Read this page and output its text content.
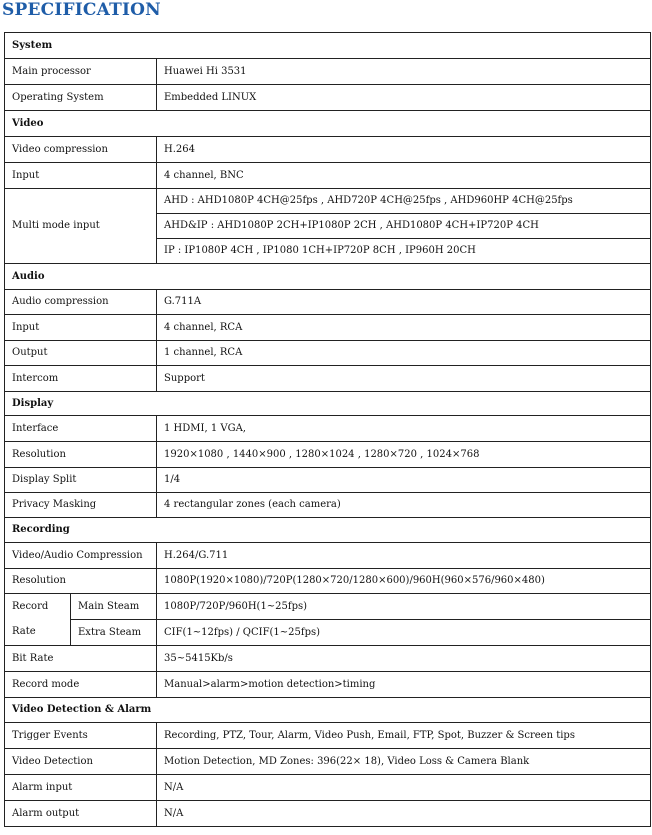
SPECIFICATION
System		
Main processor		Huawei Hi 3531
Operating System		Embedded LINUX
Video		
Video compression		H.264
Input		4 channel, BNC
Multi mode input		AHD : AHD1080P 4CH@25fps , AHD720P 4CH@25fps , AHD960HP 4CH@25fps
		AHD&IP : AHD1080P 2CH+IP1080P 2CH , AHD1080P 4CH+IP720P 4CH
		IP : IP1080P 4CH , IP1080 1CH+IP720P 8CH , IP960H 20CH
Audio		
Audio compression		G.711A
Input		4 channel, RCA
Output		1 channel, RCA
Intercom		Support
Display		
Interface		1 HDMI, 1 VGA,
Resolution		1920×1080 , 1440×900 , 1280×1024 , 1280×720 , 1024×768
Display Split		1/4
Privacy Masking		4 rectangular zones (each camera)
Recording		
Video/Audio Compression		H.264/G.711
Resolution		1080P(1920×1080)/720P(1280×720/1280×600)/960H(960×576/960×480)
Record	Main Steam	1080P/720P/960H(1~25fps)
Rate	Extra Steam	CIF(1~12fps) / QCIF(1~25fps)
Bit Rate		35~5415Kb/s
Record mode		Manual>alarm>motion detection>timing
Video Detection & Alarm		
Trigger Events		Recording, PTZ, Tour, Alarm, Video Push, Email, FTP, Spot, Buzzer & Screen tips
Video Detection		Motion Detection, MD Zones: 396(22× 18), Video Loss & Camera Blank
Alarm input		N/A
Alarm output		N/A
